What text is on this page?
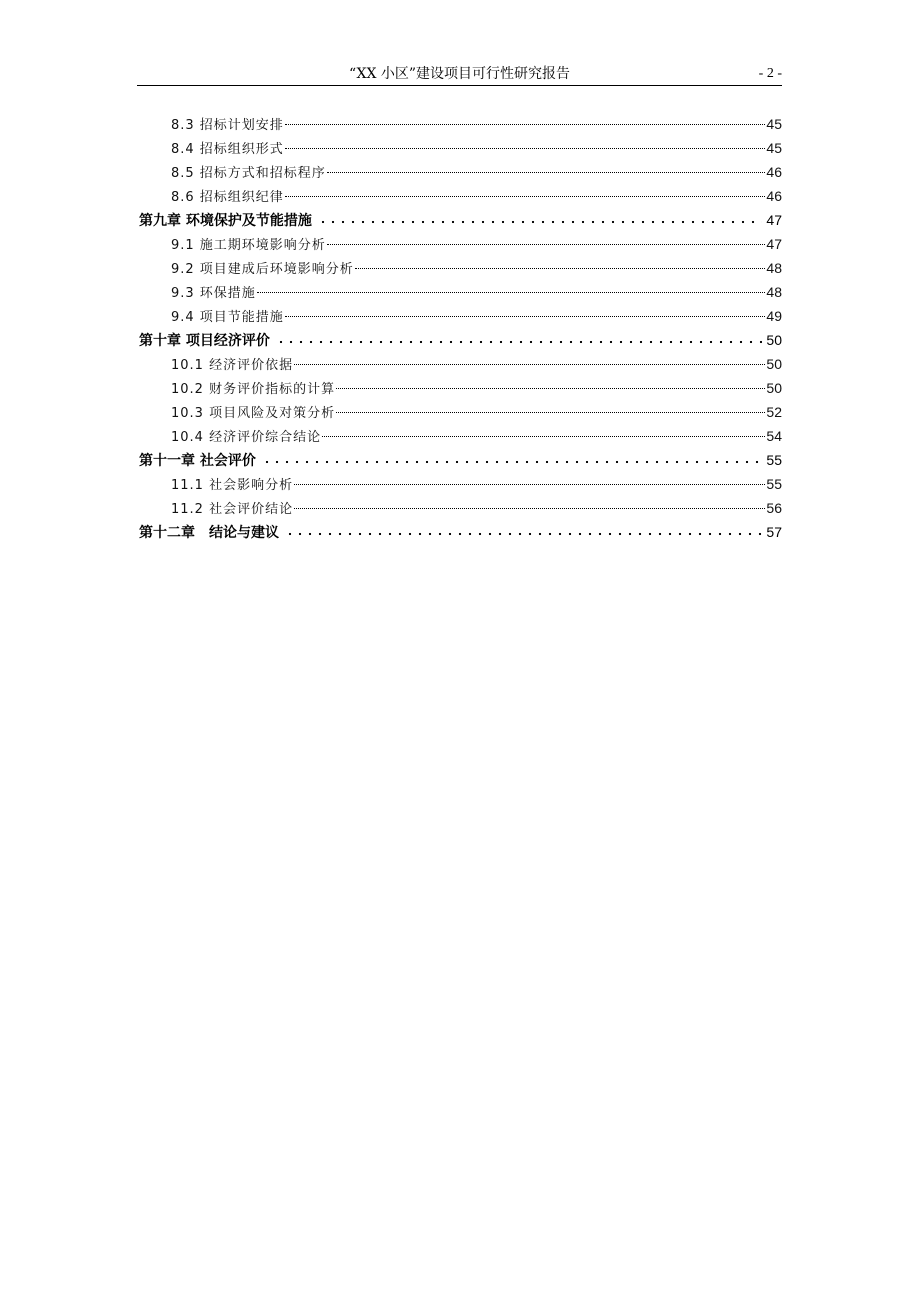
“XX 小区”建设项目可行性研究报告	- 2 -
8.3 招标计划安排	45
8.4 招标组织形式	45
8.5 招标方式和招标程序	46
8.6 招标组织纪律	46
第九章 环境保护及节能措施	47
9.1 施工期环境影响分析	47
9.2 项目建成后环境影响分析	48
9.3 环保措施	48
9.4 项目节能措施	49
第十章 项目经济评价	50
10.1 经济评价依据	50
10.2 财务评价指标的计算	50
10.3 项目风险及对策分析	52
10.4 经济评价综合结论	54
第十一章 社会评价	55
11.1 社会影响分析	55
11.2 社会评价结论	56
第十二章　结论与建议	57
